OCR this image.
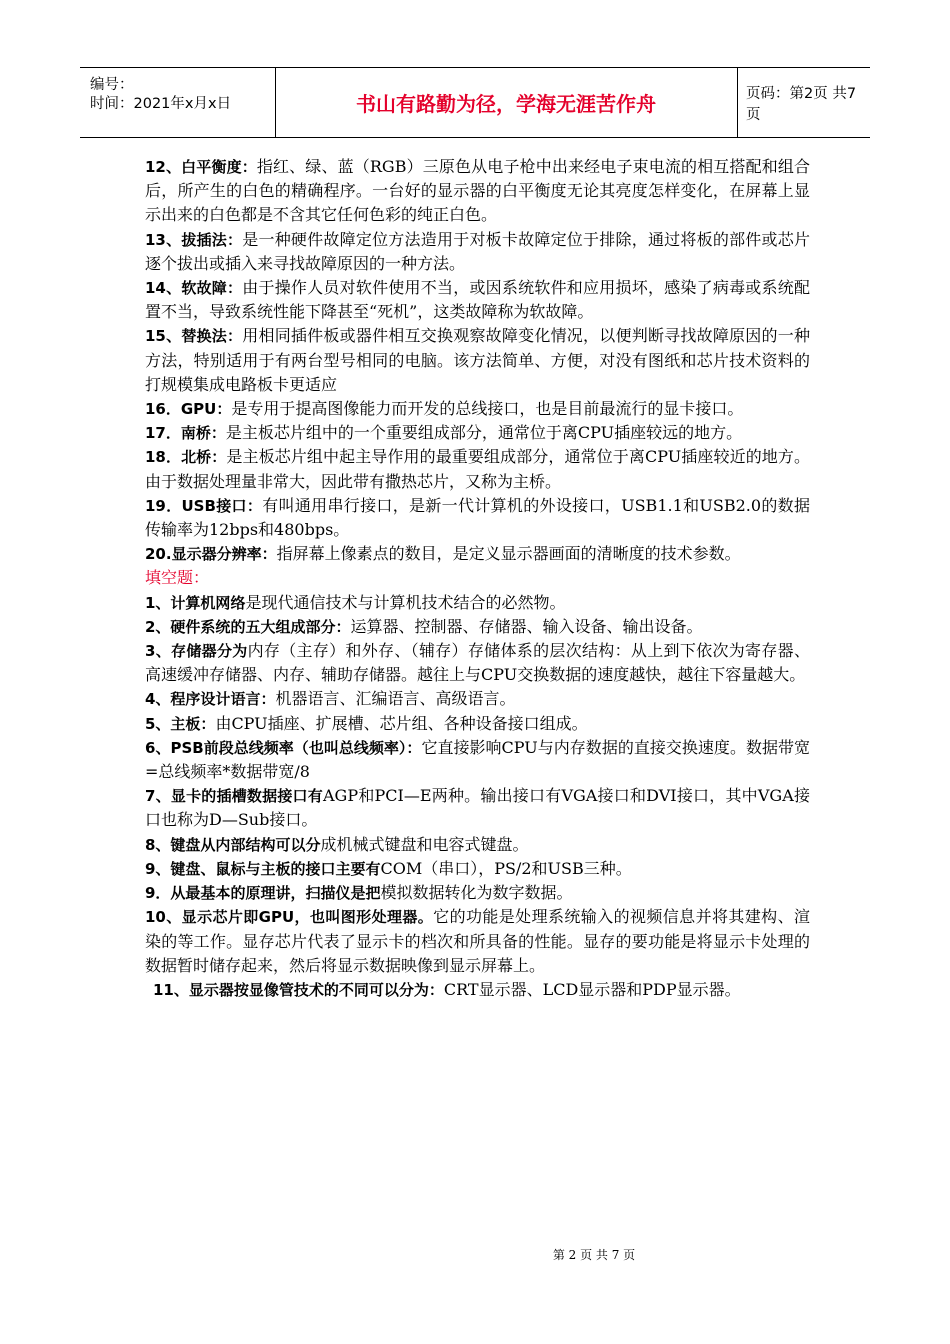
编号：
时间：2021年x月x日	书山有路勤为径，学海无涯苦作舟	页码：第2页 共7页

12、白平衡度：指红、绿、蓝（RGB）三原色从电子枪中出来经电子束电流的相互搭配和组合后，所产生的白色的精确程序。一台好的显示器的白平衡度无论其亮度怎样变化，在屏幕上显示出来的白色都是不含其它任何色彩的纯正白色。

13、拔插法：是一种硬件故障定位方法造用于对板卡故障定位于排除，通过将板的部件或芯片逐个拔出或插入来寻找故障原因的一种方法。

14、软故障：由于操作人员对软件使用不当，或因系统软件和应用损坏，感染了病毒或系统配置不当，导致系统性能下降甚至“死机”，这类故障称为软故障。

15、替换法：用相同插件板或器件相互交换观察故障变化情况，以便判断寻找故障原因的一种方法，特别适用于有两台型号相同的电脑。该方法简单、方便，对没有图纸和芯片技术资料的打规模集成电路板卡更适应

16．GPU：是专用于提高图像能力而开发的总线接口，也是目前最流行的显卡接口。

17．南桥：是主板芯片组中的一个重要组成部分，通常位于离CPU插座较远的地方。

18．北桥：是主板芯片组中起主导作用的最重要组成部分，通常位于离CPU插座较近的地方。由于数据处理量非常大，因此带有撒热芯片，又称为主桥。

19．USB接口：有叫通用串行接口，是新一代计算机的外设接口，USB1.1和USB2.0的数据传输率为12bps和480bps。

20.显示器分辨率：指屏幕上像素点的数目，是定义显示器画面的清晰度的技术参数。

填空题：

1、计算机网络是现代通信技术与计算机技术结合的必然物。

2、硬件系统的五大组成部分：运算器、控制器、存储器、输入设备、输出设备。

3、存储器分为内存（主存）和外存、（辅存）存储体系的层次结构：从上到下依次为寄存器、高速缓冲存储器、内存、辅助存储器。越往上与CPU交换数据的速度越快，越往下容量越大。

4、程序设计语言：机器语言、汇编语言、高级语言。

5、主板：由CPU插座、扩展槽、芯片组、各种设备接口组成。

6、PSB前段总线频率（也叫总线频率）：它直接影响CPU与内存数据的直接交换速度。数据带宽=总线频率*数据带宽/8

7、显卡的插槽数据接口有AGP和PCI—E两种。输出接口有VGA接口和DVI接口，其中VGA接口也称为D—Sub接口。

8、键盘从内部结构可以分成机械式键盘和电容式键盘。

9、键盘、鼠标与主板的接口主要有COM（串口），PS/2和USB三种。

9．从最基本的原理讲，扫描仪是把模拟数据转化为数字数据。

10、显示芯片即GPU，也叫图形处理器。它的功能是处理系统输入的视频信息并将其建构、渲染的等工作。显存芯片代表了显示卡的档次和所具备的性能。显存的要功能是将显示卡处理的数据暂时储存起来，然后将显示数据映像到显示屏幕上。

11、显示器按显像管技术的不同可以分为：CRT显示器、LCD显示器和PDP显示器。

第 2 页 共 7 页
